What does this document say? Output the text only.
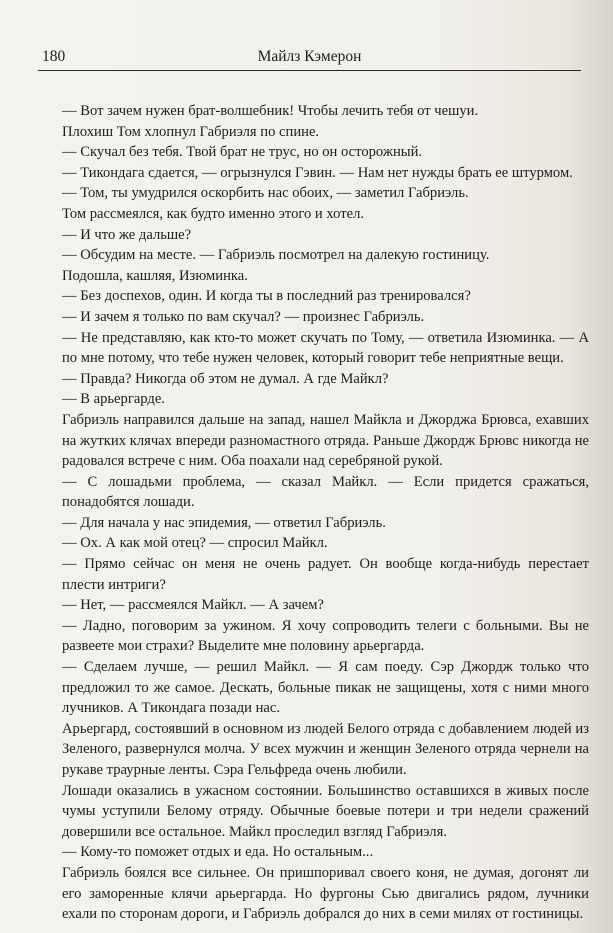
180	Майлз Кэмерон

— Вот зачем нужен брат-волшебник! Чтобы лечить тебя от чешуи.

Плохиш Том хлопнул Габриэля по спине.

— Скучал без тебя. Твой брат не трус, но он осторожный.

— Тикондага сдается, — огрызнулся Гэвин. — Нам нет нужды брать ее штурмом.

— Том, ты умудрился оскорбить нас обоих, — заметил Габриэль.

Том рассмеялся, как будто именно этого и хотел.

— И что же дальше?

— Обсудим на месте. — Габриэль посмотрел на далекую гостиницу.

Подошла, кашляя, Изюминка.

— Без доспехов, один. И когда ты в последний раз тренировался?

— И зачем я только по вам скучал? — произнес Габриэль.

— Не представляю, как кто-то может скучать по Тому, — ответила Изюминка. — А по мне потому, что тебе нужен человек, который говорит тебе неприятные вещи.

— Правда? Никогда об этом не думал. А где Майкл?

— В арьергарде.

Габриэль направился дальше на запад, нашел Майкла и Джорджа Брювса, ехавших на жутких клячах впереди разномастного отряда. Раньше Джордж Брювс никогда не радовался встрече с ним. Оба поахали над серебряной рукой.

— С лошадьми проблема, — сказал Майкл. — Если придется сражаться, понадобятся лошади.

— Для начала у нас эпидемия, — ответил Габриэль.

— Ох. А как мой отец? — спросил Майкл.

— Прямо сейчас он меня не очень радует. Он вообще когда-нибудь перестает плести интриги?

— Нет, — рассмеялся Майкл. — А зачем?

— Ладно, поговорим за ужином. Я хочу сопроводить телеги с больными. Вы не развеете мои страхи? Выделите мне половину арьергарда.

— Сделаем лучше, — решил Майкл. — Я сам поеду. Сэр Джордж только что предложил то же самое. Дескать, больные пикак не защищены, хотя с ними много лучников. А Тикондага позади нас.

Арьергард, состоявший в основном из людей Белого отряда с добавлением людей из Зеленого, развернулся молча. У всех мужчин и женщин Зеленого отряда чернели на рукаве траурные ленты. Сэра Гельфреда очень любили.

Лошади оказались в ужасном состоянии. Большинство оставшихся в живых после чумы уступили Белому отряду. Обычные боевые потери и три недели сражений довершили все остальное. Майкл проследил взгляд Габриэля.

— Кому-то поможет отдых и еда. Но остальным...

Габриэль боялся все сильнее. Он пришпоривал своего коня, не думая, догонят ли его заморенные клячи арьергарда. Но фургоны Сью двигались рядом, лучники ехали по сторонам дороги, и Габриэль добрался до них в семи милях от гостиницы.
